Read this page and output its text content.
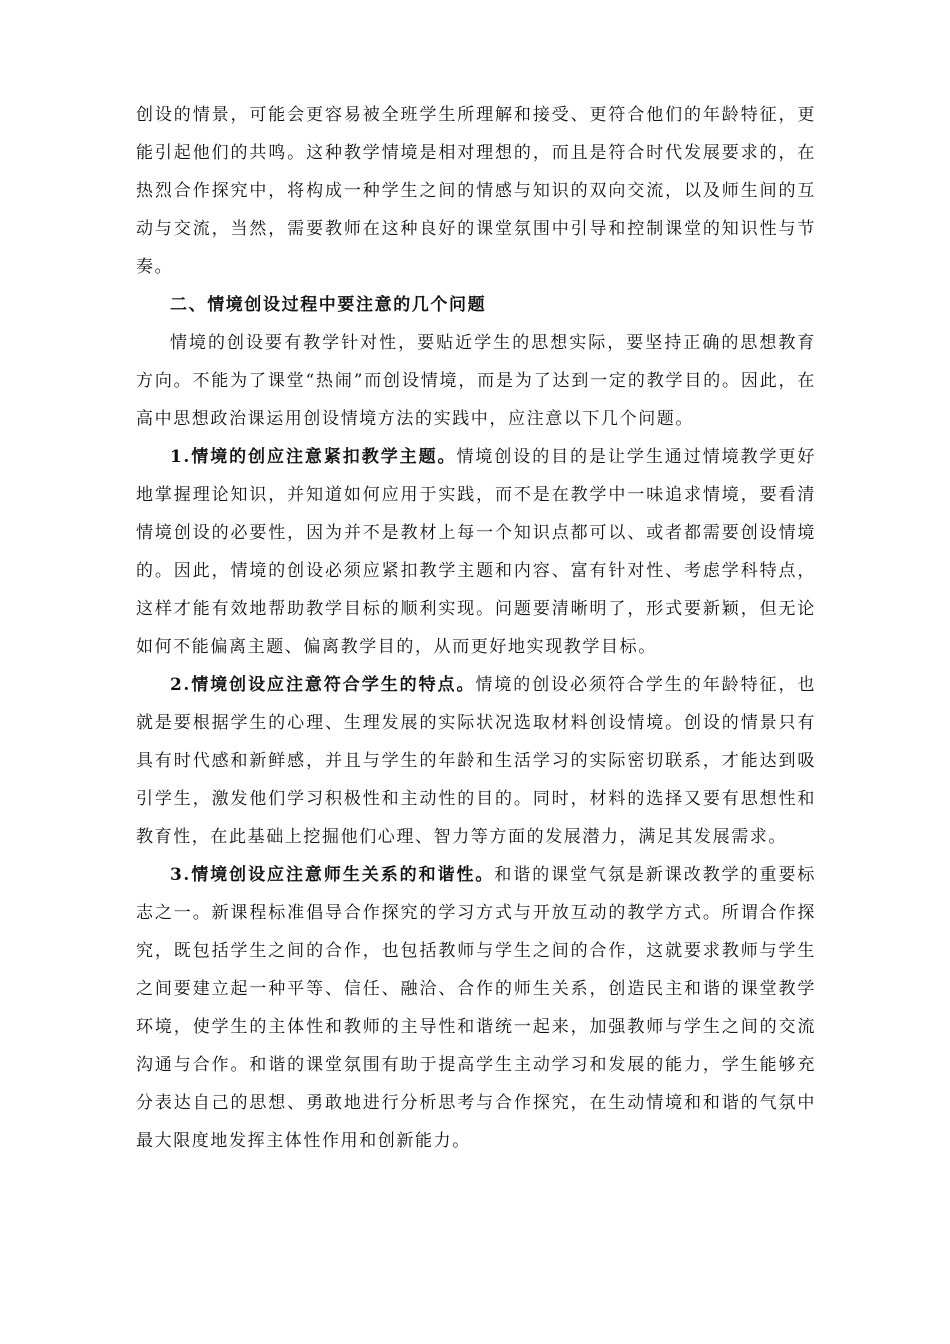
创设的情景，可能会更容易被全班学生所理解和接受、更符合他们的年龄特征，更能引起他们的共鸣。这种教学情境是相对理想的，而且是符合时代发展要求的，在热烈合作探究中，将构成一种学生之间的情感与知识的双向交流，以及师生间的互动与交流，当然，需要教师在这种良好的课堂氛围中引导和控制课堂的知识性与节奏。

二、情境创设过程中要注意的几个问题

情境的创设要有教学针对性，要贴近学生的思想实际，要坚持正确的思想教育方向。不能为了课堂“热闹”而创设情境，而是为了达到一定的教学目的。因此，在高中思想政治课运用创设情境方法的实践中，应注意以下几个问题。

1.情境的创应注意紧扣教学主题。情境创设的目的是让学生通过情境教学更好地掌握理论知识，并知道如何应用于实践，而不是在教学中一味追求情境，要看清情境创设的必要性，因为并不是教材上每一个知识点都可以、或者都需要创设情境的。因此，情境的创设必须应紧扣教学主题和内容、富有针对性、考虑学科特点，这样才能有效地帮助教学目标的顺利实现。问题要清晰明了，形式要新颖，但无论如何不能偏离主题、偏离教学目的，从而更好地实现教学目标。

2.情境创设应注意符合学生的特点。情境的创设必须符合学生的年龄特征，也就是要根据学生的心理、生理发展的实际状况选取材料创设情境。创设的情景只有具有时代感和新鲜感，并且与学生的年龄和生活学习的实际密切联系，才能达到吸引学生，激发他们学习积极性和主动性的目的。同时，材料的选择又要有思想性和教育性，在此基础上挖掘他们心理、智力等方面的发展潜力，满足其发展需求。

3.情境创设应注意师生关系的和谐性。和谐的课堂气氛是新课改教学的重要标志之一。新课程标准倡导合作探究的学习方式与开放互动的教学方式。所谓合作探究，既包括学生之间的合作，也包括教师与学生之间的合作，这就要求教师与学生之间要建立起一种平等、信任、融洽、合作的师生关系，创造民主和谐的课堂教学环境，使学生的主体性和教师的主导性和谐统一起来，加强教师与学生之间的交流沟通与合作。和谐的课堂氛围有助于提高学生主动学习和发展的能力，学生能够充分表达自己的思想、勇敢地进行分析思考与合作探究，在生动情境和和谐的气氛中最大限度地发挥主体性作用和创新能力。
